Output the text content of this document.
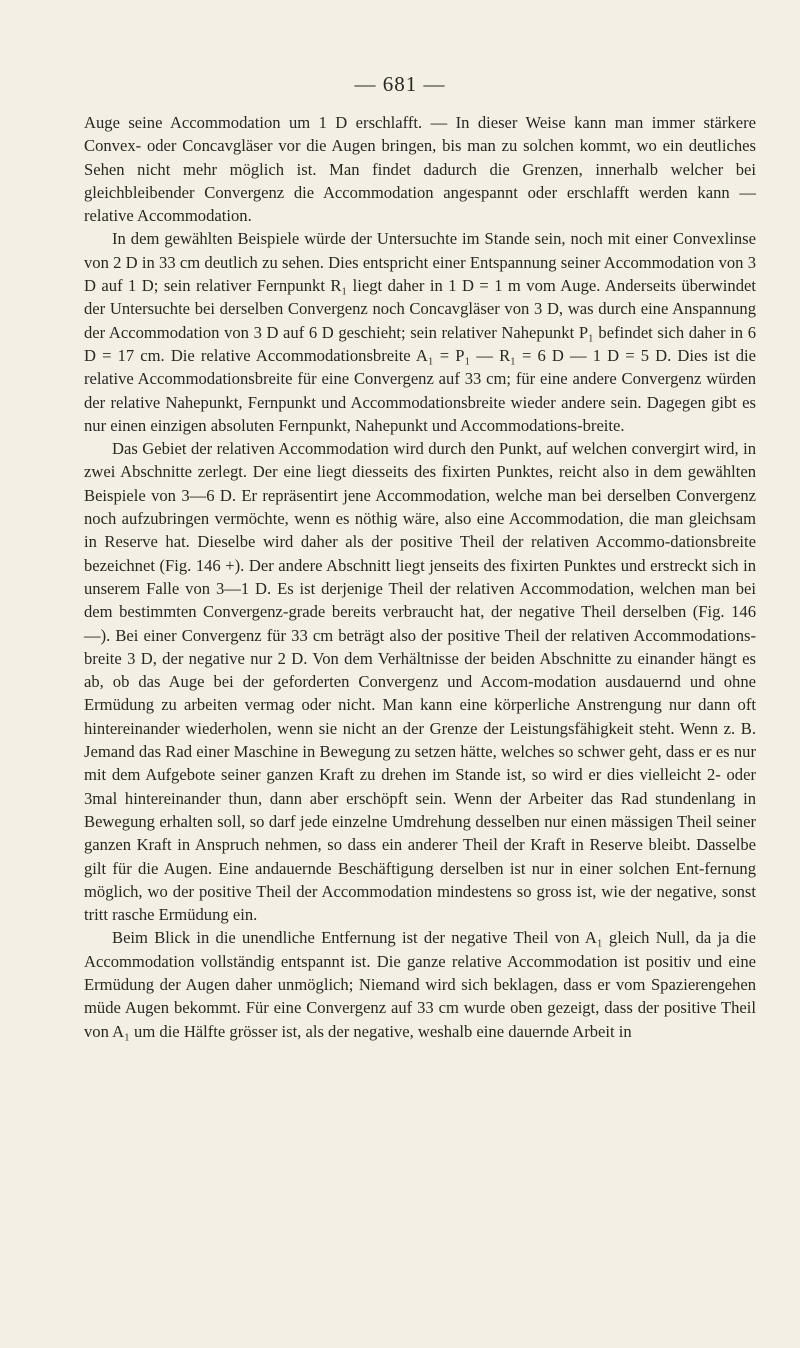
— 681 —

Auge seine Accommodation um 1 D erschlafft. — In dieser Weise kann man immer stärkere Convex- oder Concavgläser vor die Augen bringen, bis man zu solchen kommt, wo ein deutliches Sehen nicht mehr möglich ist. Man findet dadurch die Grenzen, innerhalb welcher bei gleichbleibender Convergenz die Accommodation angespannt oder erschlafft werden kann — relative Accommodation.

In dem gewählten Beispiele würde der Untersuchte im Stande sein, noch mit einer Convexlinse von 2 D in 33 cm deutlich zu sehen. Dies entspricht einer Entspannung seiner Accommodation von 3 D auf 1 D; sein relativer Fernpunkt R₁ liegt daher in 1 D = 1 m vom Auge. Anderseits überwindet der Untersuchte bei derselben Convergenz noch Concavgläser von 3 D, was durch eine Anspannung der Accommodation von 3 D auf 6 D geschieht; sein relativer Nahepunkt P₁ befindet sich daher in 6 D = 17 cm. Die relative Accommodationsbreite A₁ = P₁ — R₁ = 6 D — 1 D = 5 D. Dies ist die relative Accommodationsbreite für eine Convergenz auf 33 cm; für eine andere Convergenz würden der relative Nahepunkt, Fernpunkt und Accommodationsbreite wieder andere sein. Dagegen gibt es nur einen einzigen absoluten Fernpunkt, Nahepunkt und Accommodations-breite.

Das Gebiet der relativen Accommodation wird durch den Punkt, auf welchen convergirt wird, in zwei Abschnitte zerlegt. Der eine liegt diesseits des fixirten Punktes, reicht also in dem gewählten Beispiele von 3—6 D. Er repräsentirt jene Accommodation, welche man bei derselben Convergenz noch aufzubringen vermöchte, wenn es nöthig wäre, also eine Accommodation, die man gleichsam in Reserve hat. Dieselbe wird daher als der positive Theil der relativen Accommo-dationsbreite bezeichnet (Fig. 146 +). Der andere Abschnitt liegt jenseits des fixirten Punktes und erstreckt sich in unserem Falle von 3—1 D. Es ist derjenige Theil der relativen Accommodation, welchen man bei dem bestimmten Convergenz-grade bereits verbraucht hat, der negative Theil derselben (Fig. 146 —). Bei einer Convergenz für 33 cm beträgt also der positive Theil der relativen Accommodations-breite 3 D, der negative nur 2 D. Von dem Verhältnisse der beiden Abschnitte zu einander hängt es ab, ob das Auge bei der geforderten Convergenz und Accom-modation ausdauernd und ohne Ermüdung zu arbeiten vermag oder nicht. Man kann eine körperliche Anstrengung nur dann oft hintereinander wiederholen, wenn sie nicht an der Grenze der Leistungsfähigkeit steht. Wenn z. B. Jemand das Rad einer Maschine in Bewegung zu setzen hätte, welches so schwer geht, dass er es nur mit dem Aufgebote seiner ganzen Kraft zu drehen im Stande ist, so wird er dies vielleicht 2- oder 3mal hintereinander thun, dann aber erschöpft sein. Wenn der Arbeiter das Rad stundenlang in Bewegung erhalten soll, so darf jede einzelne Umdrehung desselben nur einen mässigen Theil seiner ganzen Kraft in Anspruch nehmen, so dass ein anderer Theil der Kraft in Reserve bleibt. Dasselbe gilt für die Augen. Eine andauernde Beschäftigung derselben ist nur in einer solchen Ent-fernung möglich, wo der positive Theil der Accommodation mindestens so gross ist, wie der negative, sonst tritt rasche Ermüdung ein.

Beim Blick in die unendliche Entfernung ist der negative Theil von A₁ gleich Null, da ja die Accommodation vollständig entspannt ist. Die ganze relative Accommodation ist positiv und eine Ermüdung der Augen daher unmöglich; Niemand wird sich beklagen, dass er vom Spazierengehen müde Augen bekommt. Für eine Convergenz auf 33 cm wurde oben gezeigt, dass der positive Theil von A₁ um die Hälfte grösser ist, als der negative, weshalb eine dauernde Arbeit in
